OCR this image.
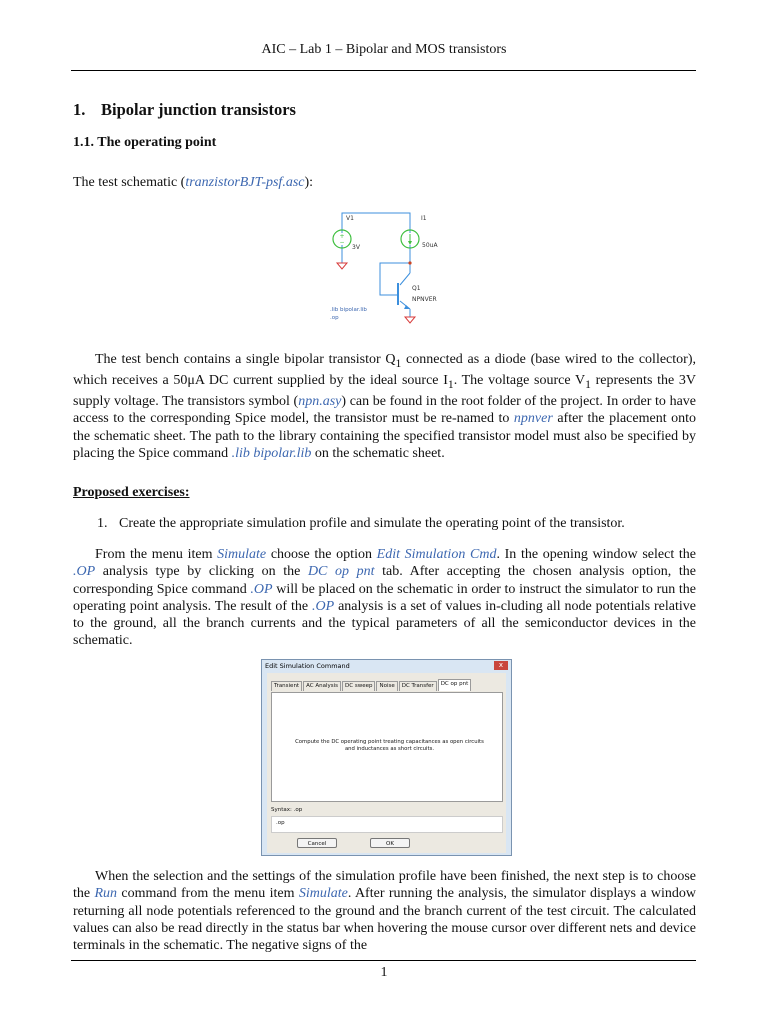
AIC – Lab 1 – Bipolar and MOS transistors
1. Bipolar junction transistors
1.1. The operating point
The test schematic (tranzistorBJT-psf.asc):
+
−
V1
3V
I1
50uA
Q1
NPNVER
.lib bipolar.lib
.op
The test bench contains a single bipolar transistor $Q_1$ connected as a diode (base wired to the collector), which receives a 50μA DC current supplied by the ideal source $I_1$. The voltage source $V_1$ represents the 3V supply voltage. The transistors symbol (npn.asy) can be found in the root folder of the project. In order to have access to the corresponding Spice model, the transistor must be re-named to npnver after the placement onto the schematic sheet. The path to the library containing the specified transistor model must also be specified by placing the Spice command .lib bipolar.lib on the schematic sheet.
Proposed exercises:
1. Create the appropriate simulation profile and simulate the operating point of the transistor.
From the menu item Simulate choose the option Edit Simulation Cmd. In the opening window select the .OP analysis type by clicking on the DC op pnt tab. After accepting the chosen analysis option, the corresponding Spice command .OP will be placed on the schematic in order to instruct the simulator to run the operating point analysis. The result of the .OP analysis is a set of values in-cluding all node potentials relative to the ground, all the branch currents and the typical parameters of all the semiconductor devices in the schematic.
Edit Simulation Command	x
Transient	AC Analysis	DC sweep	Noise	DC Transfer	DC op pnt
Compute the DC operating point treating capacitances as open circuits and inductances as short circuits.
Syntax: .op
.op
Cancel	OK
When the selection and the settings of the simulation profile have been finished, the next step is to choose the Run command from the menu item Simulate. After running the analysis, the simulator displays a window returning all node potentials referenced to the ground and the branch current of the test circuit. The calculated values can also be read directly in the status bar when hovering the mouse cursor over different nets and device terminals in the schematic. The negative signs of the
1
